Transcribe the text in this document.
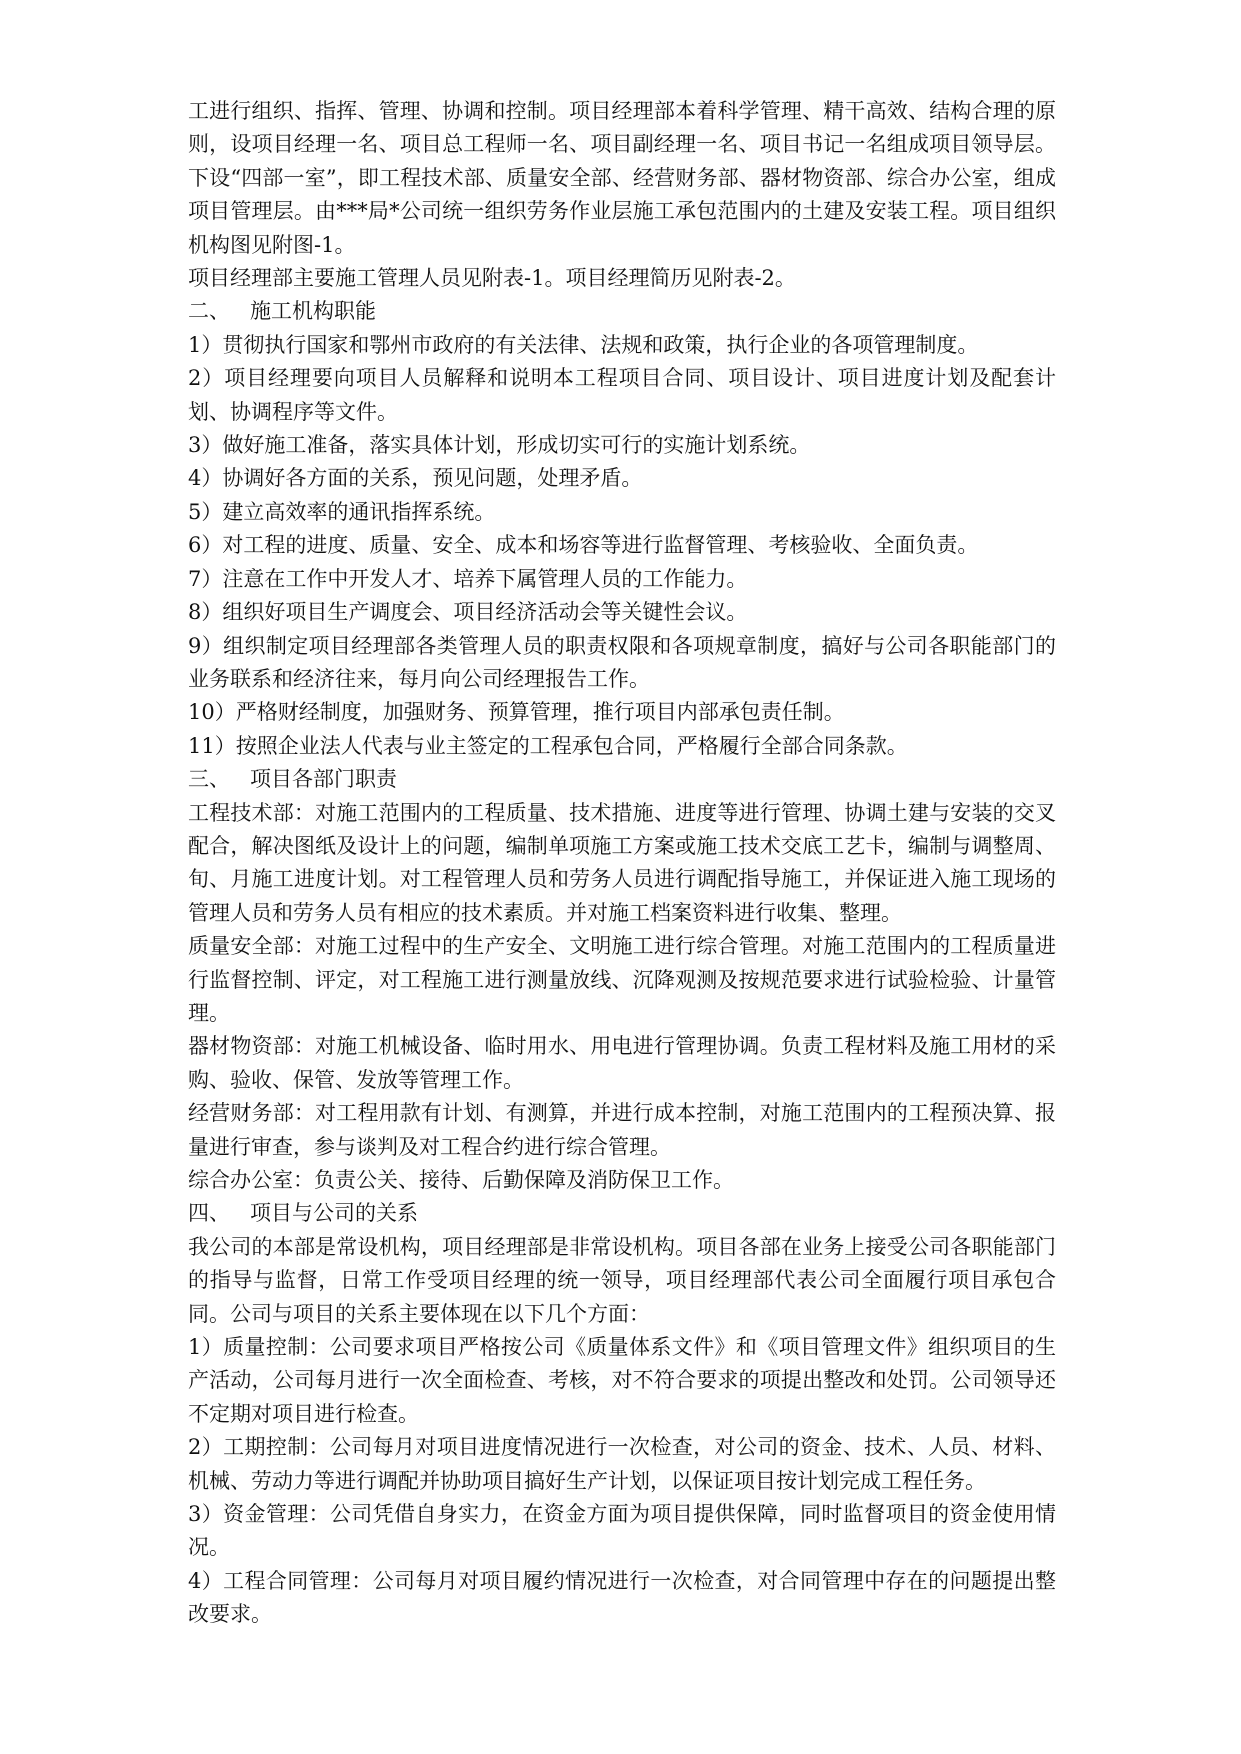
工进行组织、指挥、管理、协调和控制。项目经理部本着科学管理、精干高效、结构合理的原则，设项目经理一名、项目总工程师一名、项目副经理一名、项目书记一名组成项目领导层。下设“四部一室”，即工程技术部、质量安全部、经营财务部、器材物资部、综合办公室，组成项目管理层。由***局*公司统一组织劳务作业层施工承包范围内的土建及安装工程。项目组织机构图见附图-1。

项目经理部主要施工管理人员见附表-1。项目经理简历见附表-2。

二、   施工机构职能

1）贯彻执行国家和鄂州市政府的有关法律、法规和政策，执行企业的各项管理制度。

2）项目经理要向项目人员解释和说明本工程项目合同、项目设计、项目进度计划及配套计划、协调程序等文件。

3）做好施工准备，落实具体计划，形成切实可行的实施计划系统。

4）协调好各方面的关系，预见问题，处理矛盾。

5）建立高效率的通讯指挥系统。

6）对工程的进度、质量、安全、成本和场容等进行监督管理、考核验收、全面负责。

7）注意在工作中开发人才、培养下属管理人员的工作能力。

8）组织好项目生产调度会、项目经济活动会等关键性会议。

9）组织制定项目经理部各类管理人员的职责权限和各项规章制度，搞好与公司各职能部门的业务联系和经济往来，每月向公司经理报告工作。

10）严格财经制度，加强财务、预算管理，推行项目内部承包责任制。

11）按照企业法人代表与业主签定的工程承包合同，严格履行全部合同条款。

三、   项目各部门职责

工程技术部：对施工范围内的工程质量、技术措施、进度等进行管理、协调土建与安装的交叉配合，解决图纸及设计上的问题，编制单项施工方案或施工技术交底工艺卡，编制与调整周、旬、月施工进度计划。对工程管理人员和劳务人员进行调配指导施工，并保证进入施工现场的管理人员和劳务人员有相应的技术素质。并对施工档案资料进行收集、整理。

质量安全部：对施工过程中的生产安全、文明施工进行综合管理。对施工范围内的工程质量进行监督控制、评定，对工程施工进行测量放线、沉降观测及按规范要求进行试验检验、计量管理。

器材物资部：对施工机械设备、临时用水、用电进行管理协调。负责工程材料及施工用材的采购、验收、保管、发放等管理工作。

经营财务部：对工程用款有计划、有测算，并进行成本控制，对施工范围内的工程预决算、报量进行审查，参与谈判及对工程合约进行综合管理。

综合办公室：负责公关、接待、后勤保障及消防保卫工作。

四、   项目与公司的关系

我公司的本部是常设机构，项目经理部是非常设机构。项目各部在业务上接受公司各职能部门的指导与监督，日常工作受项目经理的统一领导，项目经理部代表公司全面履行项目承包合同。公司与项目的关系主要体现在以下几个方面：

1）质量控制：公司要求项目严格按公司《质量体系文件》和《项目管理文件》组织项目的生产活动，公司每月进行一次全面检查、考核，对不符合要求的项提出整改和处罚。公司领导还不定期对项目进行检查。

2）工期控制：公司每月对项目进度情况进行一次检查，对公司的资金、技术、人员、材料、机械、劳动力等进行调配并协助项目搞好生产计划，以保证项目按计划完成工程任务。

3）资金管理：公司凭借自身实力，在资金方面为项目提供保障，同时监督项目的资金使用情况。

4）工程合同管理：公司每月对项目履约情况进行一次检查，对合同管理中存在的问题提出整改要求。
